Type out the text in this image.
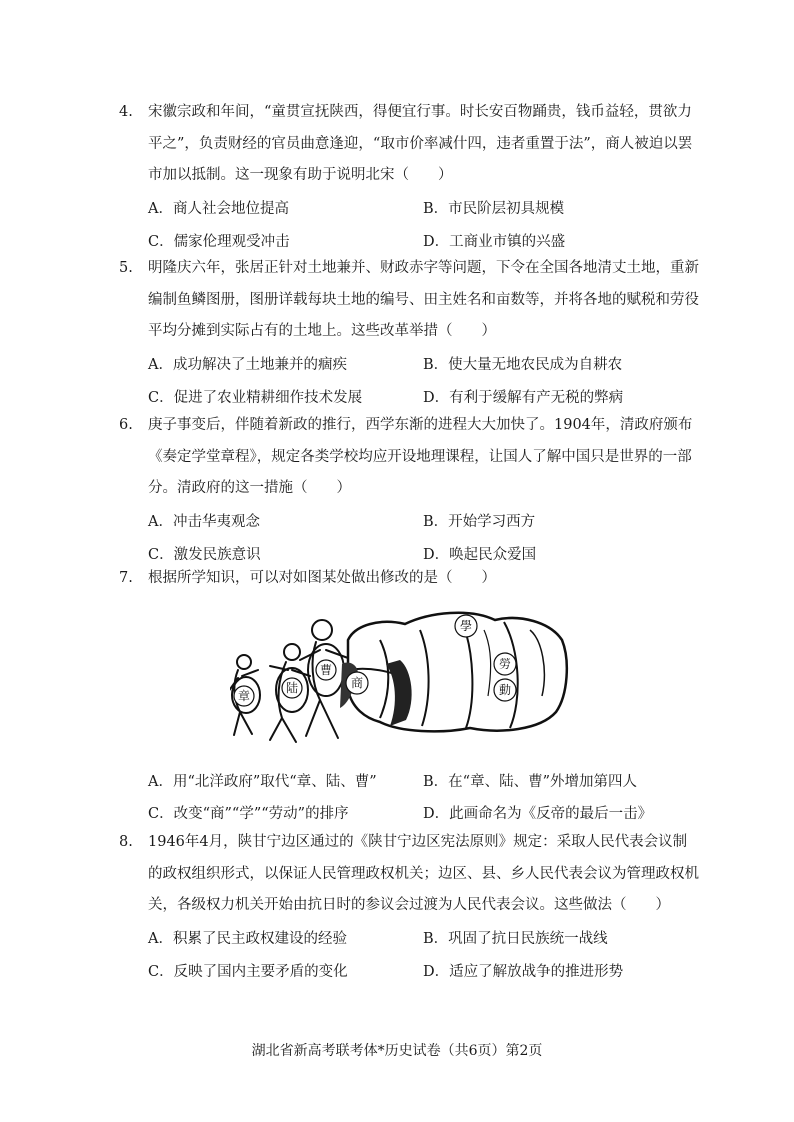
4.	宋徽宗政和年间，“童贯宣抚陕西，得便宜行事。时长安百物踊贵，钱币益轻，贯欲力
平之”，负责财经的官员曲意逢迎，“取市价率减什四，违者重置于法”，商人被迫以罢
市加以抵制。这一现象有助于说明北宋（　　）
A．商人社会地位提高	B．市民阶层初具规模
C．儒家伦理观受冲击	D．工商业市镇的兴盛
5.	明隆庆六年，张居正针对土地兼并、财政赤字等问题，下令在全国各地清丈土地，重新
编制鱼鳞图册，图册详载每块土地的编号、田主姓名和亩数等，并将各地的赋税和劳役
平均分摊到实际占有的土地上。这些改革举措（　　）
A．成功解决了土地兼并的痼疾	B．使大量无地农民成为自耕农
C．促进了农业精耕细作技术发展	D．有利于缓解有产无税的弊病
6.	庚子事变后，伴随着新政的推行，西学东渐的进程大大加快了。1904年，清政府颁布
《奏定学堂章程》，规定各类学校均应开设地理课程，让国人了解中国只是世界的一部
分。清政府的这一措施（　　）
A．冲击华夷观念	B．开始学习西方
C．激发民族意识	D．唤起民众爱国
7.	根据所学知识，可以对如图某处做出修改的是（　　）
章
陆
曹
商
學
勞
動
A．用“北洋政府”取代“章、陆、曹”	B．在“章、陆、曹”外增加第四人
C．改变“商”“学”“劳动”的排序	D．此画命名为《反帝的最后一击》
8.	1946年4月，陕甘宁边区通过的《陕甘宁边区宪法原则》规定：采取人民代表会议制
的政权组织形式，以保证人民管理政权机关；边区、县、乡人民代表会议为管理政权机
关，各级权力机关开始由抗日时的参议会过渡为人民代表会议。这些做法（　　）
A．积累了民主政权建设的经验	B．巩固了抗日民族统一战线
C．反映了国内主要矛盾的变化	D．适应了解放战争的推进形势
湖北省新高考联考体*历史试卷（共6页）第2页
